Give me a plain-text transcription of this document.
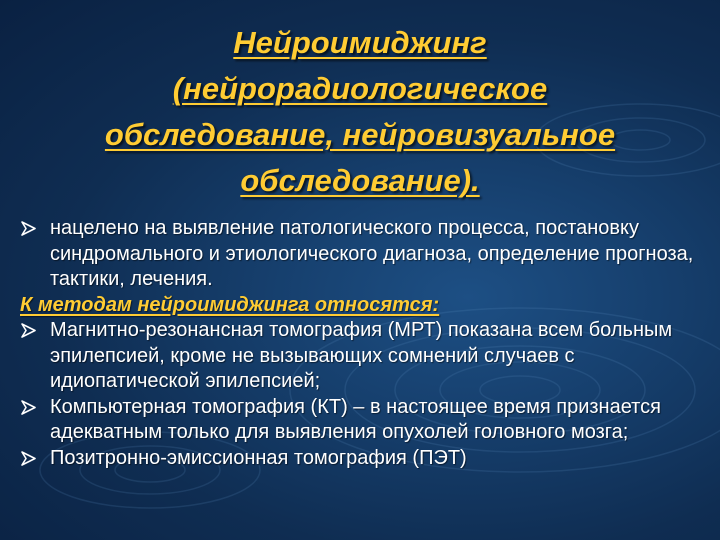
Нейроимиджинг
(нейрорадиологическое
обследование, нейровизуальное
обследование).
нацелено на выявление патологического процесса, постановку синдромального и этиологического диагноза, определение прогноза, тактики, лечения.
К методам нейроимиджинга относятся:
Магнитно-резонансная томография (МРТ) показана всем больным эпилепсией, кроме не вызывающих сомнений случаев с идиопатической эпилепсией;
Компьютерная томография (КТ) – в настоящее время признается адекватным только для выявления опухолей головного мозга;
Позитронно-эмиссионная томография (ПЭТ)
